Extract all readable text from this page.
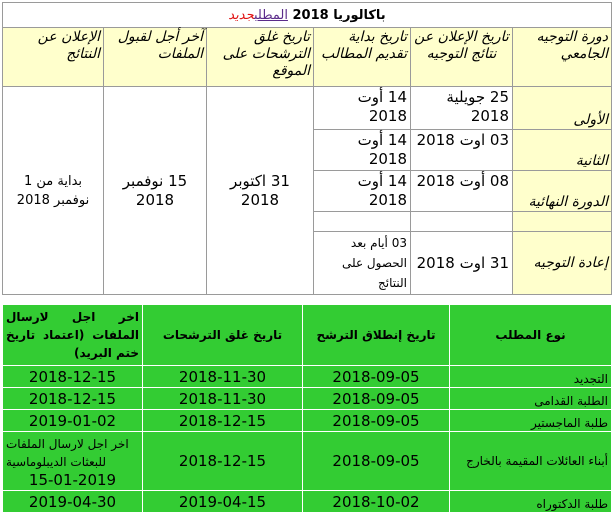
باكالوريا 2018 المطلبجديد					
دورة التوجيه الجامعي	تاريخ الإعلان عن نتائج التوجيه	تاريخ بداية تقديم المطالب	تاريخ غلق الترشحات على الموقع	آخر أجل لقبول الملفات	الإعلان عن النتائج
الأولى	25 جويلية 2018	14 أوت 2018	31 اكتوبر 2018	15 نوفمبر 2018	بداية من 1 نوفمبر 2018
الثانية	03 اوت 2018	14 أوت 2018			
الدورة النهائية	08 أوت 2018	14 أوت 2018			

إعادة التوجيه	31 اوت 2018	03 أيام بعد الحصول على النتائج			
نوع المطلب	تاريخ إنطلاق الترشح	تاريخ غلق الترشحات	اخر اجل لارسال الملفات (اعتماد تاريخ ختم البريد)
التجديد	2018-09-05	2018-11-30	2018-12-15
الطلبة القدامى	2018-09-05	2018-11-30	2018-12-15
طلبة الماجستير	2018-09-05	2018-12-15	2019-01-02
أبناء العائلات المقيمة بالخارج	2018-09-05	2018-12-15	اخر اجل لارسال الملفات للبعثات الديبلوماسية
15-01-2019

طلبة الدكتوراه	2018-10-02	2019-04-15	2019-04-30
